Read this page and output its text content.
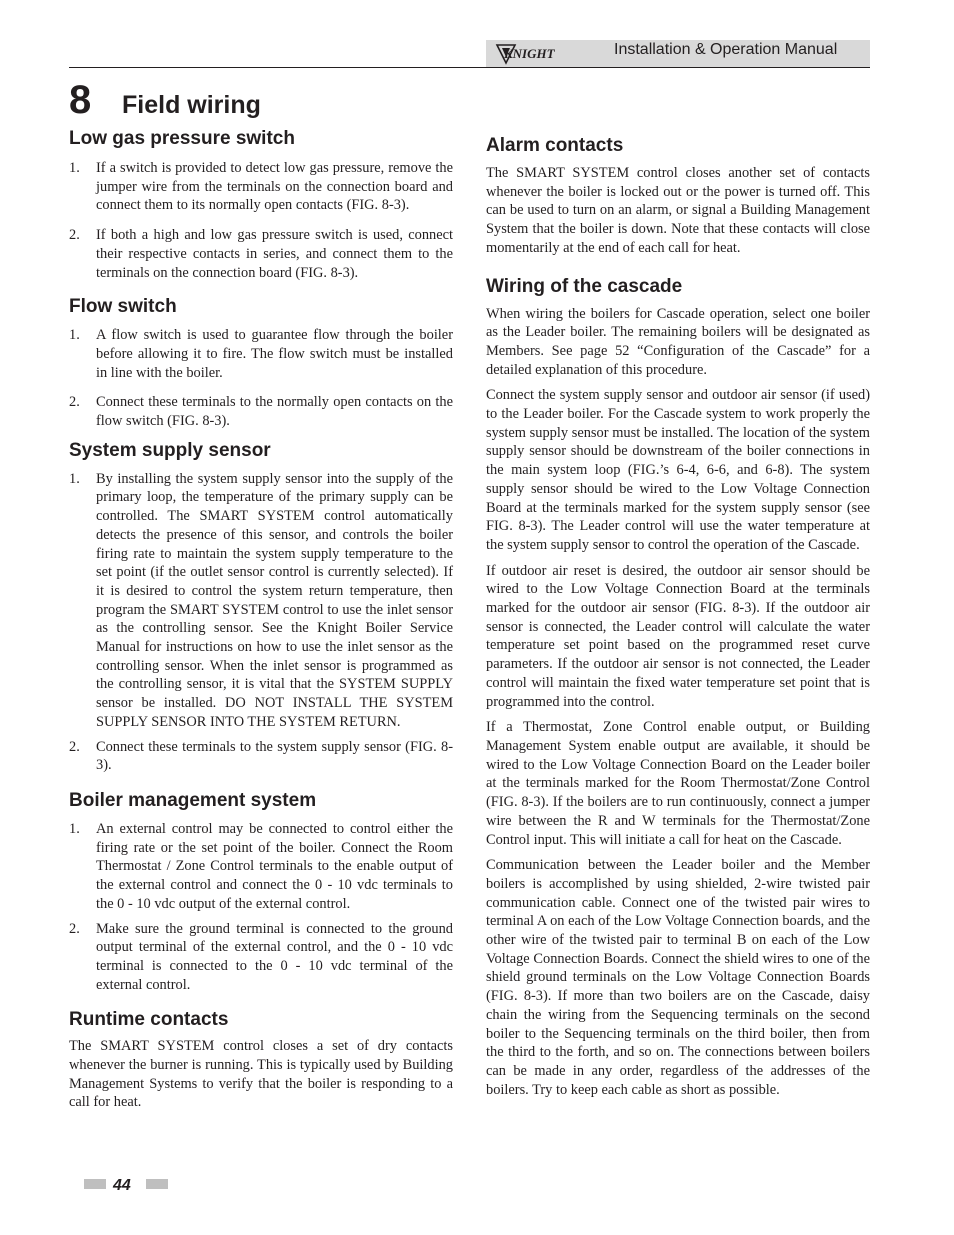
KNIGHT	Installation & Operation Manual
8 Field wiring
Low gas pressure switch
1. If a switch is provided to detect low gas pressure, remove the jumper wire from the terminals on the connection board and connect them to its normally open contacts (FIG. 8-3).
2. If both a high and low gas pressure switch is used, connect their respective contacts in series, and connect them to the terminals on the connection board (FIG. 8-3).
Flow switch
1. A flow switch is used to guarantee flow through the boiler before allowing it to fire. The flow switch must be installed in line with the boiler.
2. Connect these terminals to the normally open contacts on the flow switch (FIG. 8-3).
System supply sensor
1. By installing the system supply sensor into the supply of the primary loop, the temperature of the primary supply can be controlled. The SMART SYSTEM control automatically detects the presence of this sensor, and controls the boiler firing rate to maintain the system supply temperature to the set point (if the outlet sensor control is currently selected). If it is desired to control the system return temperature, then program the SMART SYSTEM control to use the inlet sensor as the controlling sensor. See the Knight Boiler Service Manual for instructions on how to use the inlet sensor as the controlling sensor. When the inlet sensor is programmed as the controlling sensor, it is vital that the SYSTEM SUPPLY sensor be installed. DO NOT INSTALL THE SYSTEM SUPPLY SENSOR INTO THE SYSTEM RETURN.
2. Connect these terminals to the system supply sensor (FIG. 8-3).
Boiler management system
1. An external control may be connected to control either the firing rate or the set point of the boiler. Connect the Room Thermostat / Zone Control terminals to the enable output of the external control and connect the 0 - 10 vdc terminals to the 0 - 10 vdc output of the external control.
2. Make sure the ground terminal is connected to the ground output terminal of the external control, and the 0 - 10 vdc terminal is connected to the 0 - 10 vdc terminal of the external control.
Runtime contacts

The SMART SYSTEM control closes a set of dry contacts whenever the burner is running. This is typically used by Building Management Systems to verify that the boiler is responding to a call for heat.

Alarm contacts

The SMART SYSTEM control closes another set of contacts whenever the boiler is locked out or the power is turned off. This can be used to turn on an alarm, or signal a Building Management System that the boiler is down. Note that these contacts will close momentarily at the end of each call for heat.

Wiring of the cascade

When wiring the boilers for Cascade operation, select one boiler as the Leader boiler. The remaining boilers will be designated as Members. See page 52 “Configuration of the Cascade” for a detailed explanation of this procedure.

Connect the system supply sensor and outdoor air sensor (if used) to the Leader boiler. For the Cascade system to work properly the system supply sensor must be installed. The location of the system supply sensor should be downstream of the boiler connections in the main system loop (FIG.’s 6-4, 6-6, and 6-8). The system supply sensor should be wired to the Low Voltage Connection Board at the terminals marked for the system supply sensor (see FIG. 8-3). The Leader control will use the water temperature at the system supply sensor to control the operation of the Cascade.

If outdoor air reset is desired, the outdoor air sensor should be wired to the Low Voltage Connection Board at the terminals marked for the outdoor air sensor (FIG. 8-3). If the outdoor air sensor is connected, the Leader control will calculate the water temperature set point based on the programmed reset curve parameters. If the outdoor air sensor is not connected, the Leader control will maintain the fixed water temperature set point that is programmed into the control.

If a Thermostat, Zone Control enable output, or Building Management System enable output are available, it should be wired to the Low Voltage Connection Board on the Leader boiler at the terminals marked for the Room Thermostat/Zone Control (FIG. 8-3). If the boilers are to run continuously, connect a jumper wire between the R and W terminals for the Thermostat/Zone Control input. This will initiate a call for heat on the Cascade.

Communication between the Leader boiler and the Member boilers is accomplished by using shielded, 2-wire twisted pair communication cable. Connect one of the twisted pair wires to terminal A on each of the Low Voltage Connection boards, and the other wire of the twisted pair to terminal B on each of the Low Voltage Connection Boards. Connect the shield wires to one of the shield ground terminals on the Low Voltage Connection Boards (FIG. 8-3). If more than two boilers are on the Cascade, daisy chain the wiring from the Sequencing terminals on the second boiler to the Sequencing terminals on the third boiler, then from the third to the forth, and so on. The connections between boilers can be made in any order, regardless of the addresses of the boilers. Try to keep each cable as short as possible.

44
